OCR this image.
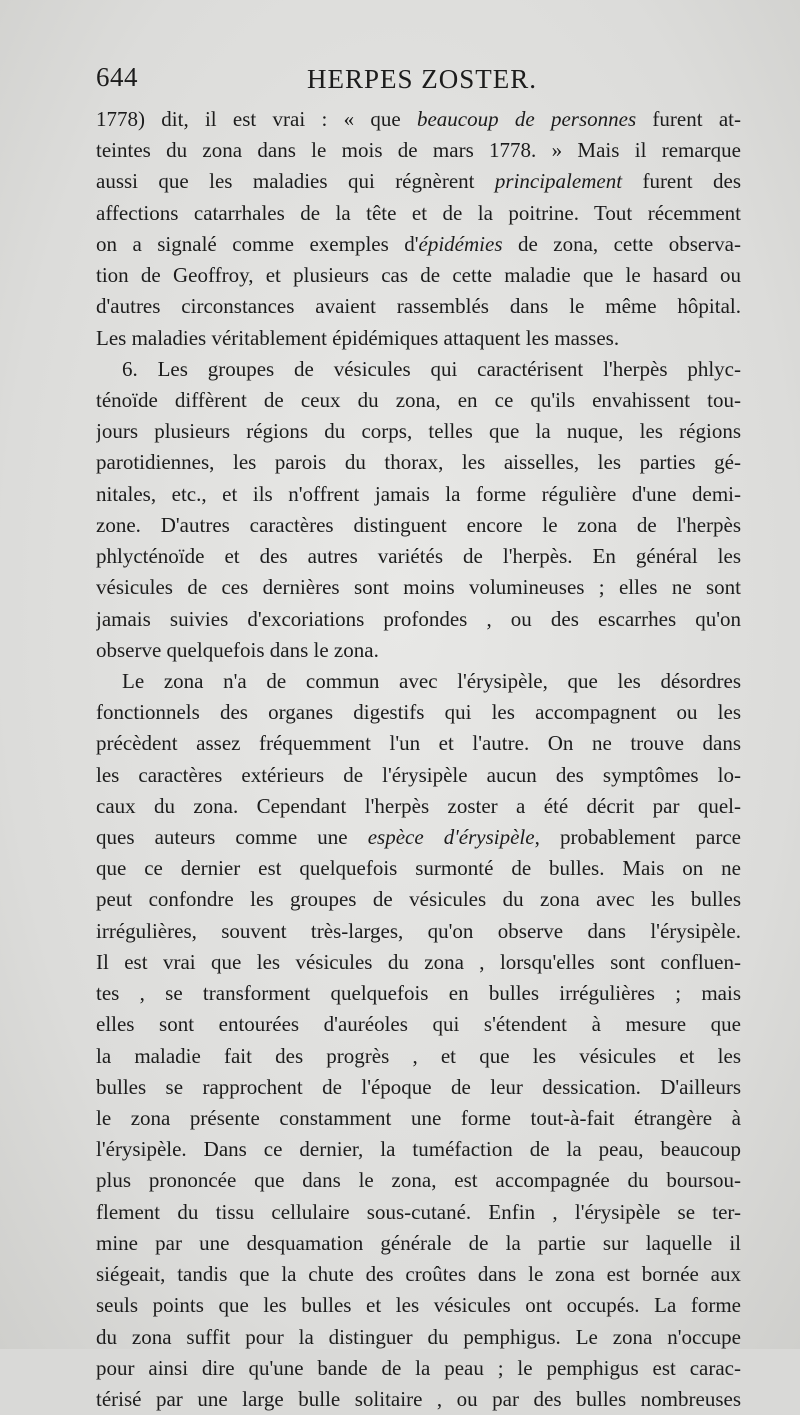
644	HERPES ZOSTER.
1778) dit, il est vrai : « que beaucoup de personnes furent at-
teintes du zona dans le mois de mars 1778. » Mais il remarque
aussi que les maladies qui régnèrent principalement furent des
affections catarrhales de la tête et de la poitrine. Tout récemment
on a signalé comme exemples d'épidémies de zona, cette observa-
tion de Geoffroy, et plusieurs cas de cette maladie que le hasard ou
d'autres circonstances avaient rassemblés dans le même hôpital.
Les maladies véritablement épidémiques attaquent les masses.
6. Les groupes de vésicules qui caractérisent l'herpès phlyc-
ténoïde diffèrent de ceux du zona, en ce qu'ils envahissent tou-
jours plusieurs régions du corps, telles que la nuque, les régions
parotidiennes, les parois du thorax, les aisselles, les parties gé-
nitales, etc., et ils n'offrent jamais la forme régulière d'une demi-
zone. D'autres caractères distinguent encore le zona de l'herpès
phlycténoïde et des autres variétés de l'herpès. En général les
vésicules de ces dernières sont moins volumineuses ; elles ne sont
jamais suivies d'excoriations profondes , ou des escarrhes qu'on
observe quelquefois dans le zona.
Le zona n'a de commun avec l'érysipèle, que les désordres
fonctionnels des organes digestifs qui les accompagnent ou les
précèdent assez fréquemment l'un et l'autre. On ne trouve dans
les caractères extérieurs de l'érysipèle aucun des symptômes lo-
caux du zona. Cependant l'herpès zoster a été décrit par quel-
ques auteurs comme une espèce d'érysipèle, probablement parce
que ce dernier est quelquefois surmonté de bulles. Mais on ne
peut confondre les groupes de vésicules du zona avec les bulles
irrégulières, souvent très-larges, qu'on observe dans l'érysipèle.
Il est vrai que les vésicules du zona , lorsqu'elles sont confluen-
tes , se transforment quelquefois en bulles irrégulières ; mais
elles sont entourées d'auréoles qui s'étendent à mesure que
la maladie fait des progrès , et que les vésicules et les
bulles se rapprochent de l'époque de leur dessication. D'ailleurs
le zona présente constamment une forme tout-à-fait étrangère à
l'érysipèle. Dans ce dernier, la tuméfaction de la peau, beaucoup
plus prononcée que dans le zona, est accompagnée du boursou-
flement du tissu cellulaire sous-cutané. Enfin , l'érysipèle se ter-
mine par une desquamation générale de la partie sur laquelle il
siégeait, tandis que la chute des croûtes dans le zona est bornée aux
seuls points que les bulles et les vésicules ont occupés. La forme
du zona suffit pour la distinguer du pemphigus. Le zona n'occupe
pour ainsi dire qu'une bande de la peau ; le pemphigus est carac-
térisé par une large bulle solitaire , ou par des bulles nombreuses
